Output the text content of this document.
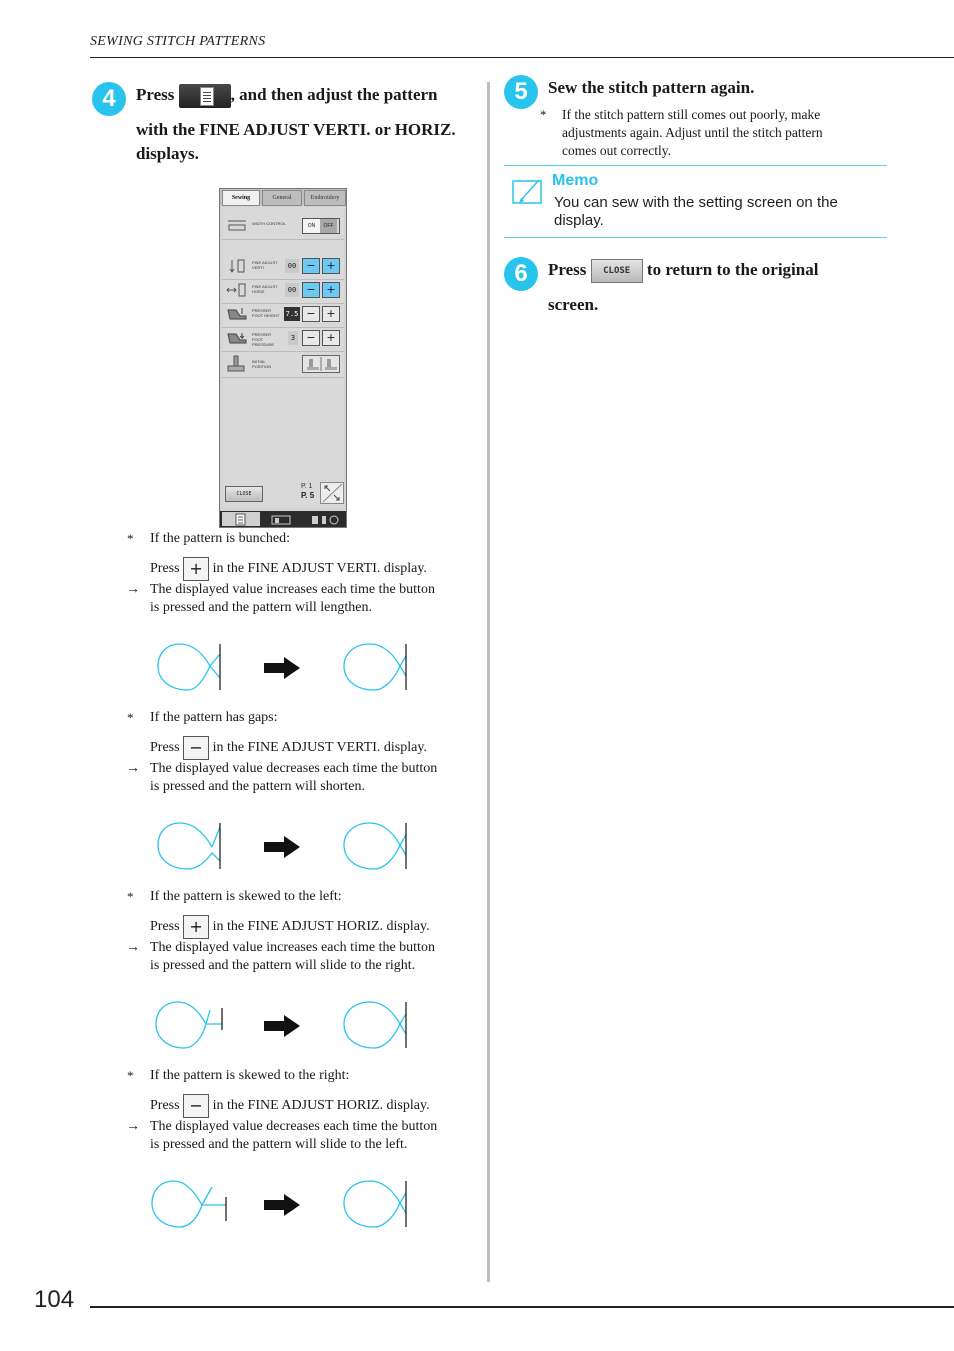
SEWING STITCH PATTERNS
4	Press	, and then adjust the pattern
with the FINE ADJUST VERTI. or HORIZ.
displays.
Sewing	General	Embroidery
WIDTH CONTROL	ON OFF
FINE ADJUST VERTI	00 − +
FINE ADJUST HORIZ	00 − +
PRESSER FOOT HEIGHT 7.5 − +
PRESSER FOOT PRESSURE
3	− +
INITIAL POSITION
CLOSE
P. 1
P. 5
* If the pattern is bunched:
Press + in the FINE ADJUST VERTI. display.
→ The displayed value increases each time the button
is pressed and the pattern will lengthen.
* If the pattern has gaps:
Press − in the FINE ADJUST VERTI. display.
→ The displayed value decreases each time the button
is pressed and the pattern will shorten.
* If the pattern is skewed to the left:
Press + in the FINE ADJUST HORIZ. display.
→ The displayed value increases each time the button
is pressed and the pattern will slide to the right.
* If the pattern is skewed to the right:
Press − in the FINE ADJUST HORIZ. display.
→ The displayed value decreases each time the button
is pressed and the pattern will slide to the left.
5	Sew the stitch pattern again.
* If the stitch pattern still comes out poorly, make
adjustments again. Adjust until the stitch pattern
comes out correctly.
Memo
You can sew with the setting screen on the
display.
6	Press CLOSE to return to the original
screen.
104
